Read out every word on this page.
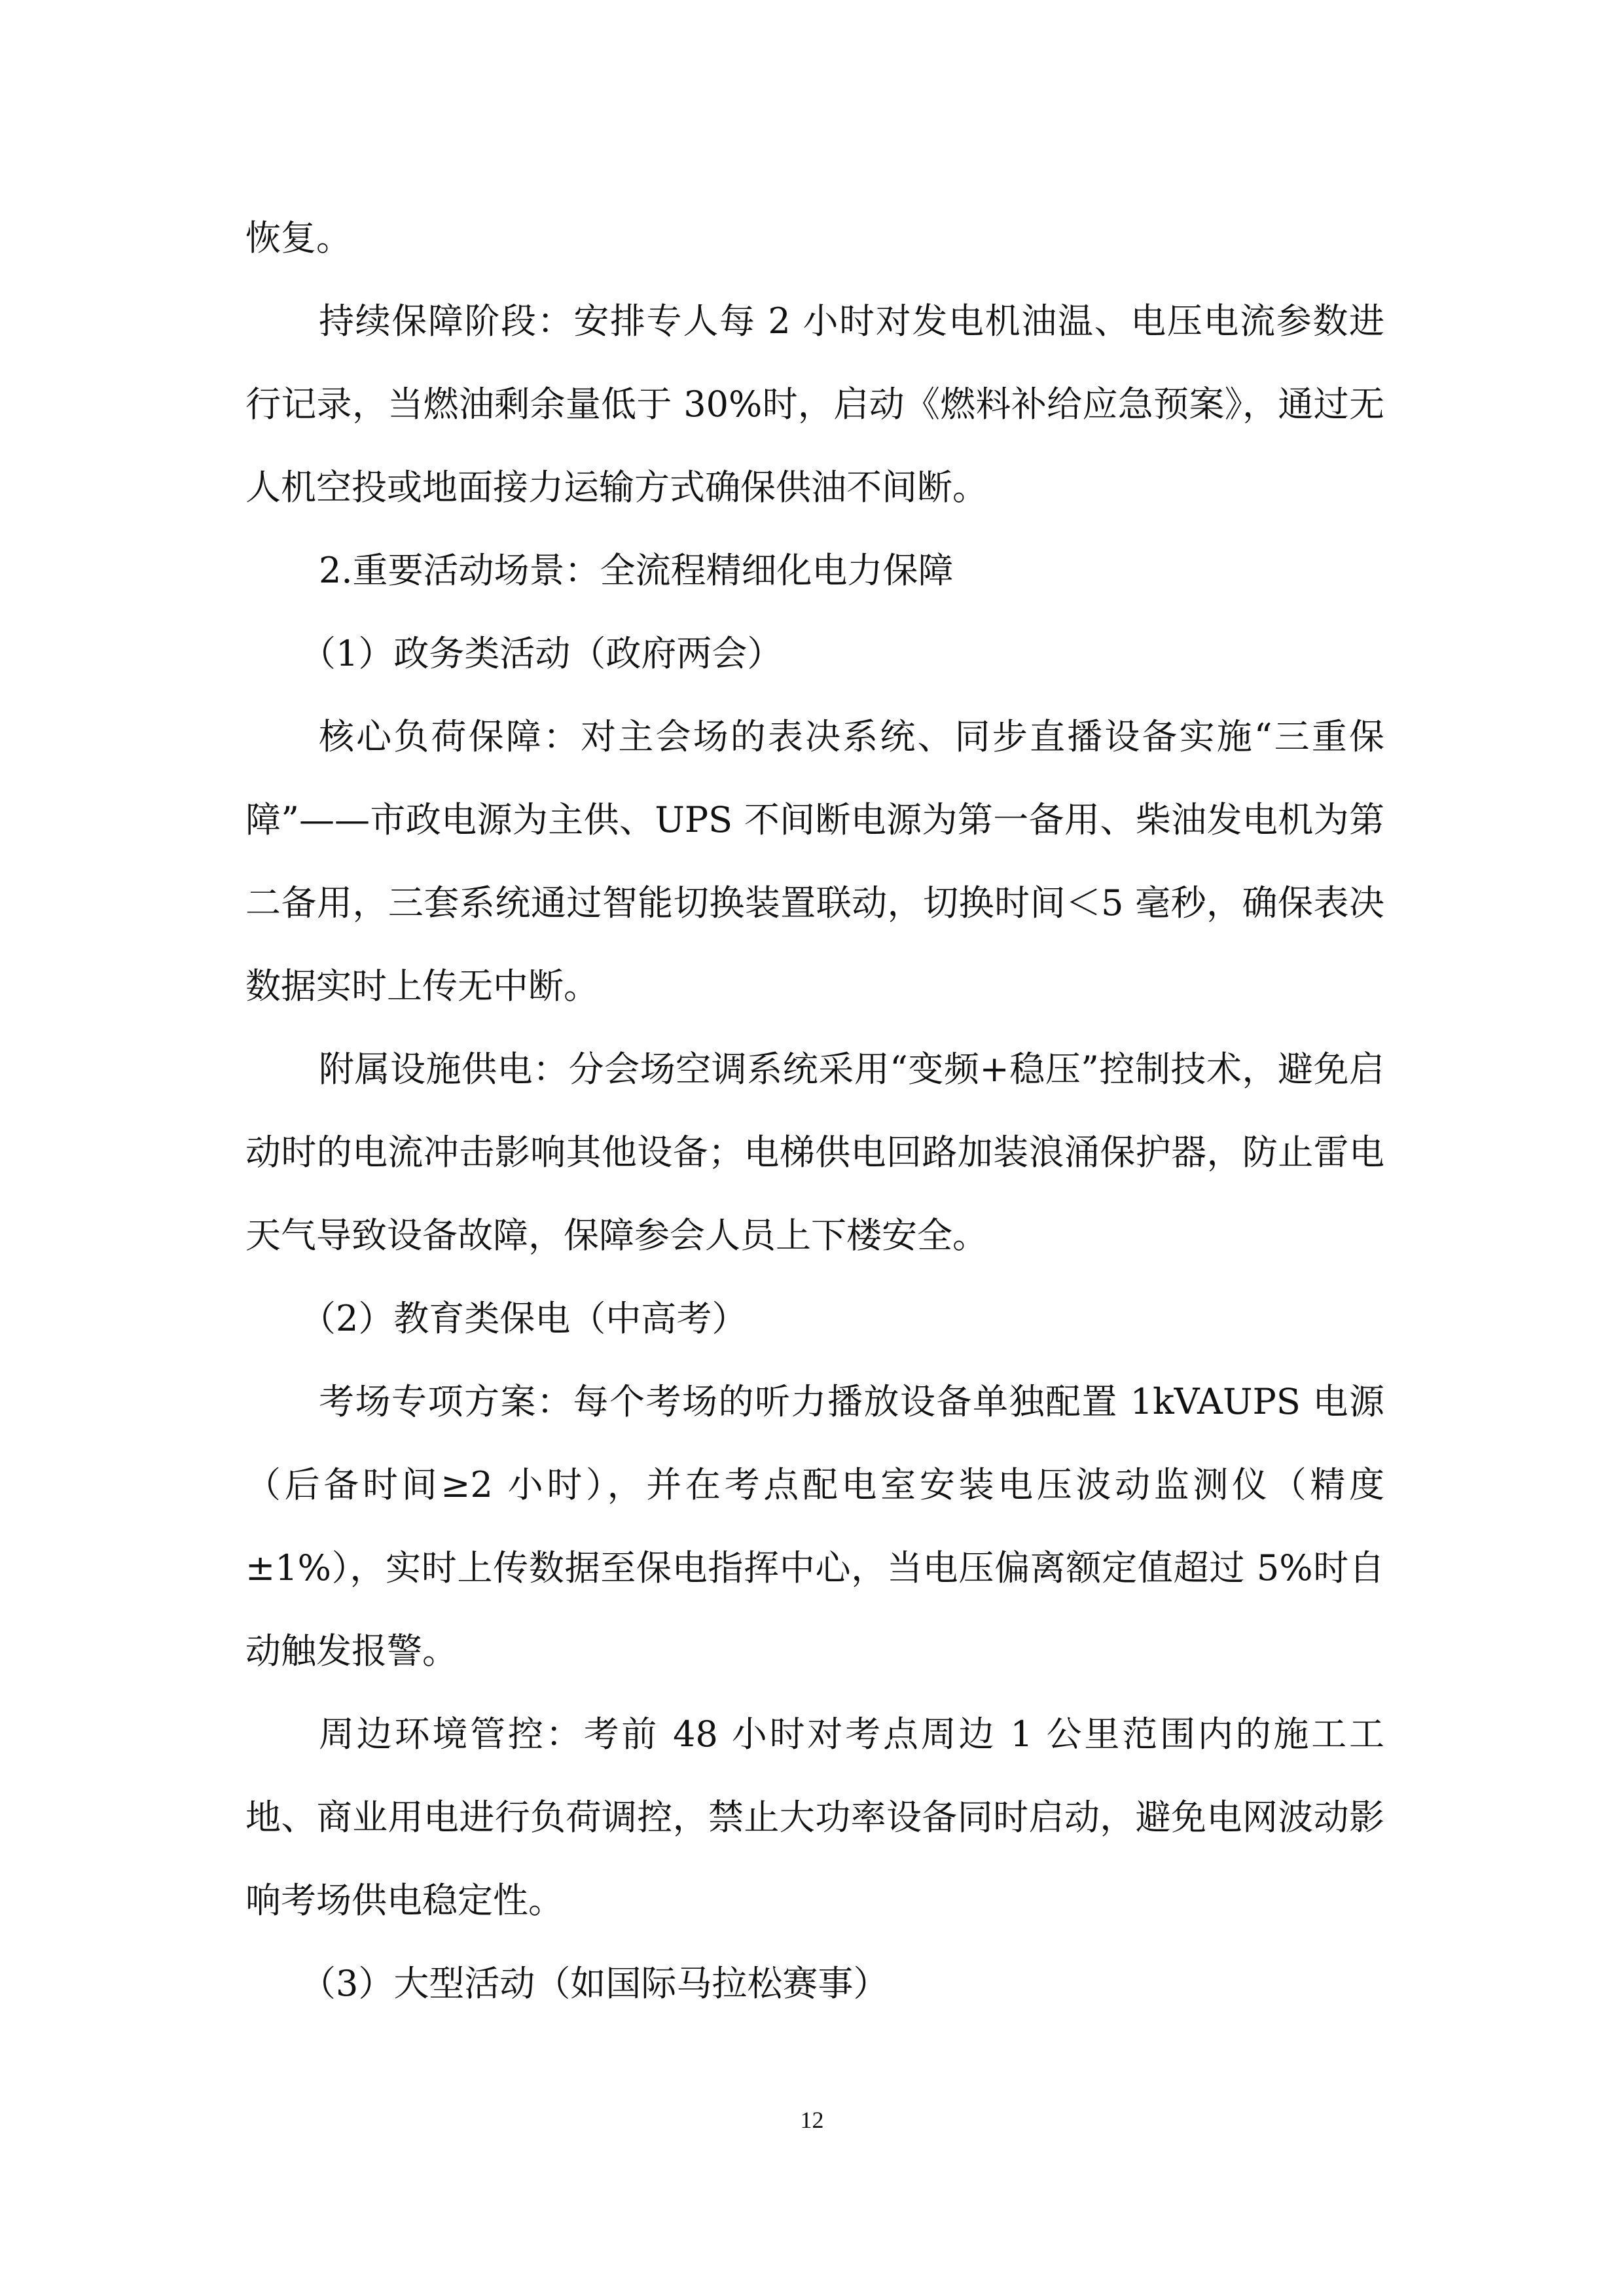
恢复。

持续保障阶段：安排专人每 2 小时对发电机油温、电压电流参数进行记录，当燃油剩余量低于 30%时，启动《燃料补给应急预案》，通过无人机空投或地面接力运输方式确保供油不间断。

2.重要活动场景：全流程精细化电力保障

（1）政务类活动（政府两会）

核心负荷保障：对主会场的表决系统、同步直播设备实施“三重保障”——市政电源为主供、UPS 不间断电源为第一备用、柴油发电机为第二备用，三套系统通过智能切换装置联动，切换时间＜5 毫秒，确保表决数据实时上传无中断。

附属设施供电：分会场空调系统采用“变频+稳压”控制技术，避免启动时的电流冲击影响其他设备；电梯供电回路加装浪涌保护器，防止雷电天气导致设备故障，保障参会人员上下楼安全。

（2）教育类保电（中高考）

考场专项方案：每个考场的听力播放设备单独配置 1kVAUPS 电源（后备时间≥2 小时），并在考点配电室安装电压波动监测仪（精度±1%），实时上传数据至保电指挥中心，当电压偏离额定值超过 5%时自动触发报警。

周边环境管控：考前 48 小时对考点周边 1 公里范围内的施工工地、商业用电进行负荷调控，禁止大功率设备同时启动，避免电网波动影响考场供电稳定性。

（3）大型活动（如国际马拉松赛事）

12
